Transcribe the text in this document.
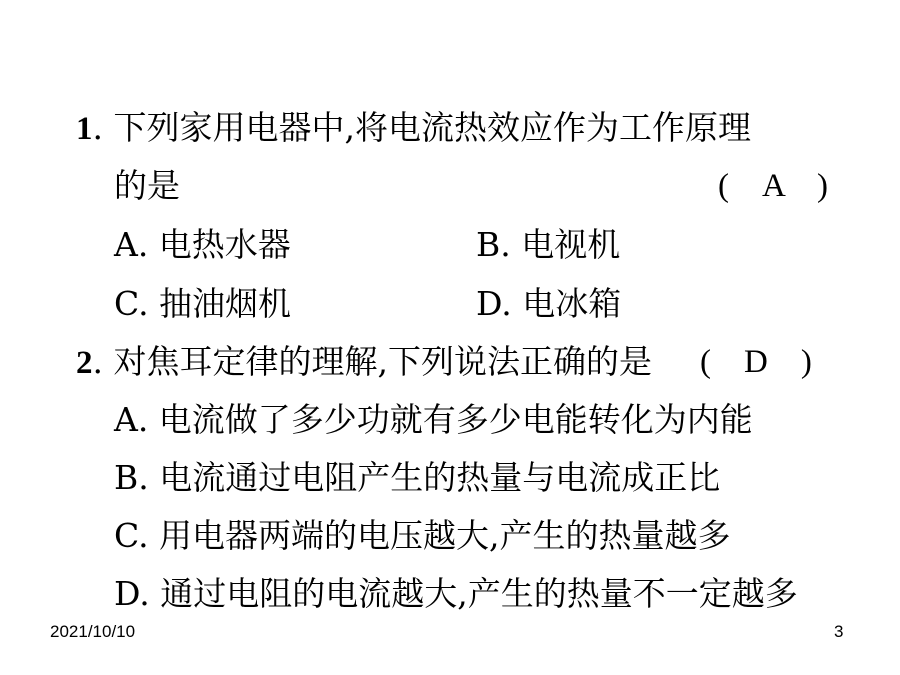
1. 下列家用电器中,将电流热效应作为工作原理
的是	(　A　)
A. 电热水器	B. 电视机
C. 抽油烟机	D. 电冰箱
2. 对焦耳定律的理解,下列说法正确的是 (　D　)
A. 电流做了多少功就有多少电能转化为内能
B. 电流通过电阻产生的热量与电流成正比
C. 用电器两端的电压越大,产生的热量越多
D. 通过电阻的电流越大,产生的热量不一定越多
2021/10/10	3
